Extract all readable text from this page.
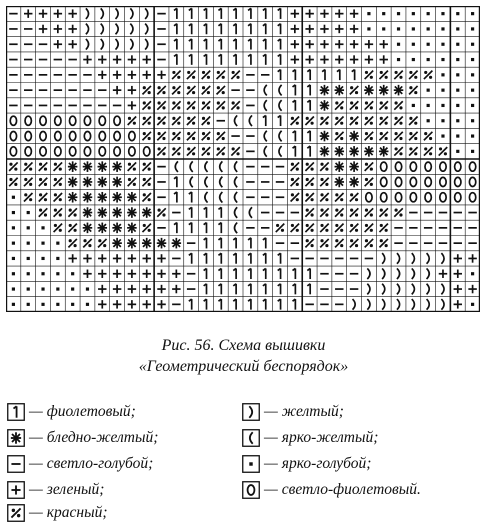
Рис. 56. Схема вышивки
«Геометрический беспорядок»
— фиолетовый;
— бледно-желтый;
— светло-голубой;
— зеленый;
— красный;
— желтый;
— ярко-желтый;
— ярко-голубой;
— светло-фиолетовый.
